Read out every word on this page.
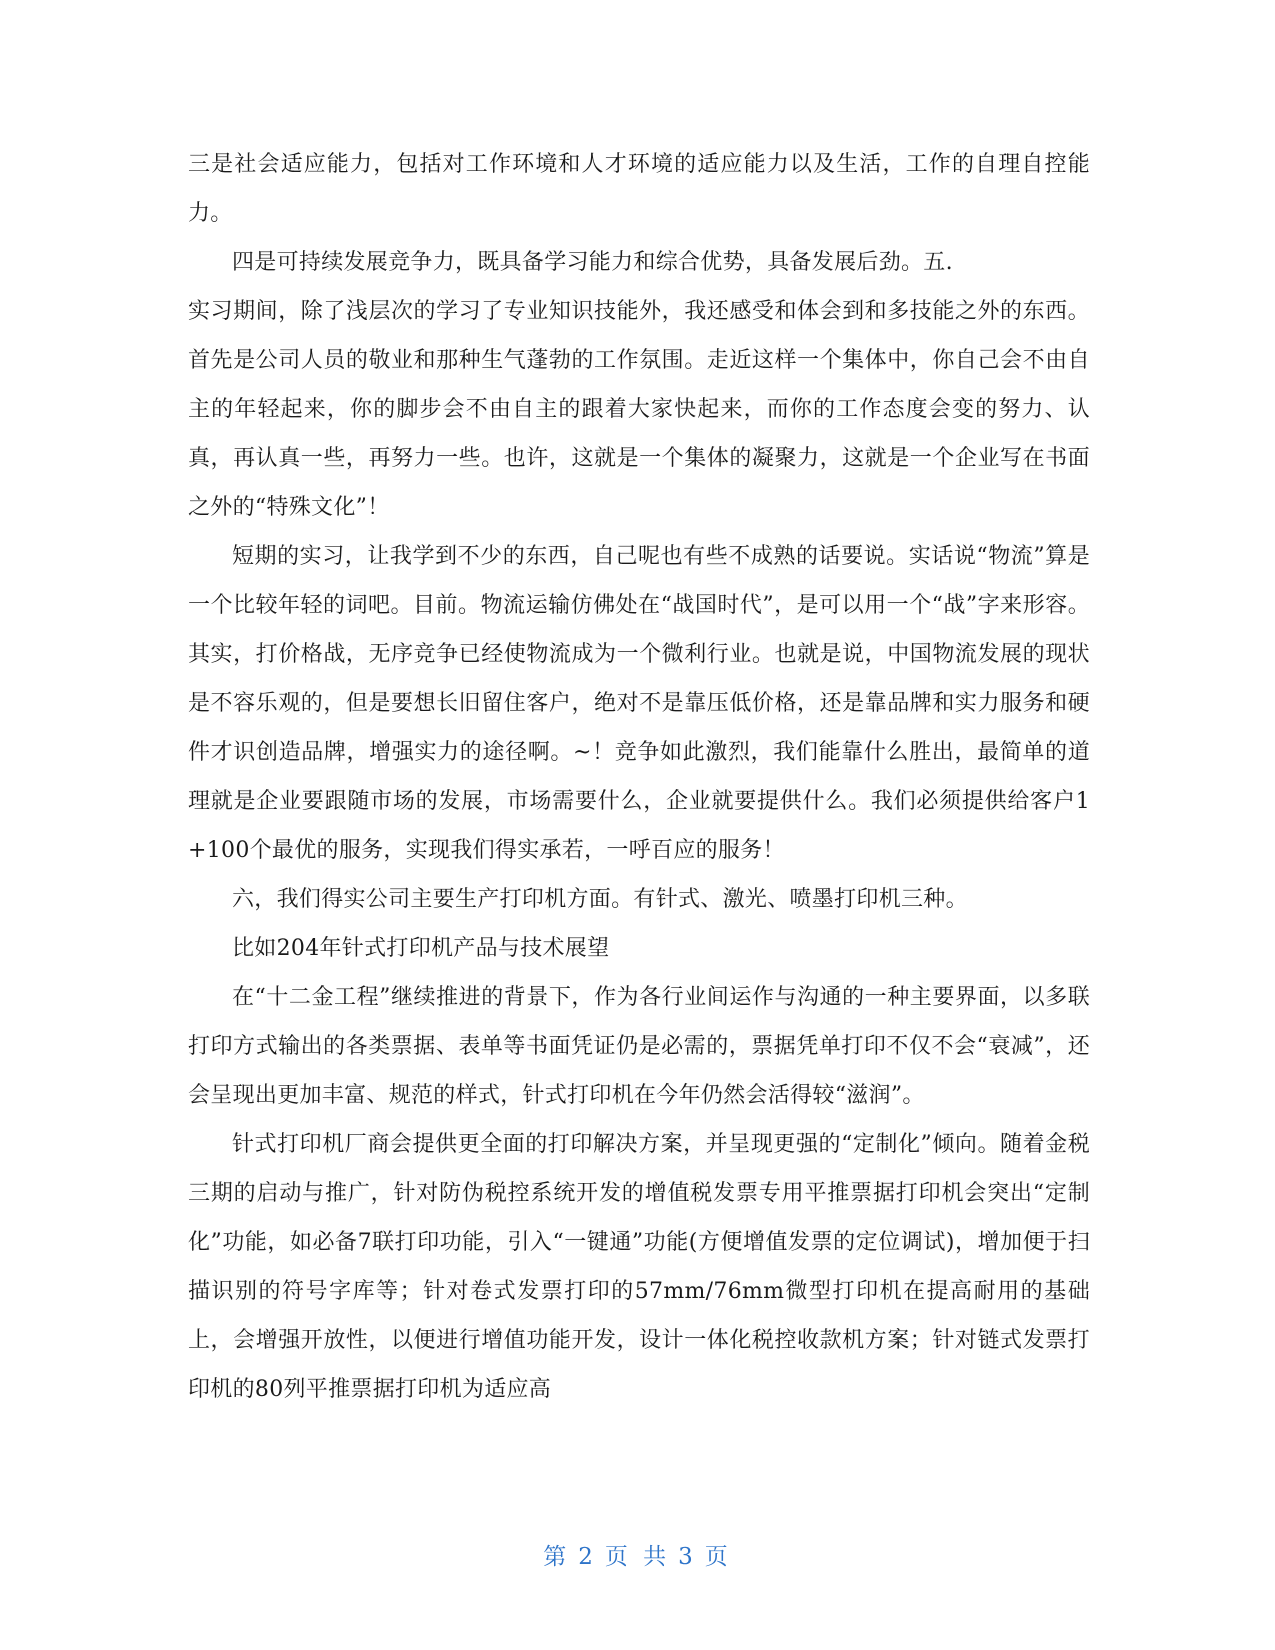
三是社会适应能力，包括对工作环境和人才环境的适应能力以及生活，工作的自理自控能力。

四是可持续发展竞争力，既具备学习能力和综合优势，具备发展后劲。五.

实习期间，除了浅层次的学习了专业知识技能外，我还感受和体会到和多技能之外的东西。首先是公司人员的敬业和那种生气蓬勃的工作氛围。走近这样一个集体中，你自己会不由自主的年轻起来，你的脚步会不由自主的跟着大家快起来，而你的工作态度会变的努力、认真，再认真一些，再努力一些。也许，这就是一个集体的凝聚力，这就是一个企业写在书面之外的“特殊文化”！

短期的实习，让我学到不少的东西，自己呢也有些不成熟的话要说。实话说“物流”算是一个比较年轻的词吧。目前。物流运输仿佛处在“战国时代”，是可以用一个“战”字来形容。其实，打价格战，无序竞争已经使物流成为一个微利行业。也就是说，中国物流发展的现状是不容乐观的，但是要想长旧留住客户，绝对不是靠压低价格，还是靠品牌和实力服务和硬件才识创造品牌，增强实力的途径啊。~！竞争如此激烈，我们能靠什么胜出，最简单的道理就是企业要跟随市场的发展，市场需要什么，企业就要提供什么。我们必须提供给客户1+100个最优的服务，实现我们得实承若，一呼百应的服务！

六，我们得实公司主要生产打印机方面。有针式、激光、喷墨打印机三种。

比如204年针式打印机产品与技术展望

在“十二金工程”继续推进的背景下，作为各行业间运作与沟通的一种主要界面，以多联打印方式输出的各类票据、表单等书面凭证仍是必需的，票据凭单打印不仅不会“衰减”，还会呈现出更加丰富、规范的样式，针式打印机在今年仍然会活得较“滋润”。

针式打印机厂商会提供更全面的打印解决方案，并呈现更强的“定制化”倾向。随着金税三期的启动与推广，针对防伪税控系统开发的增值税发票专用平推票据打印机会突出“定制化”功能，如必备7联打印功能，引入“一键通”功能(方便增值发票的定位调试)，增加便于扫描识别的符号字库等；针对卷式发票打印的57mm/76mm微型打印机在提高耐用的基础上，会增强开放性，以便进行增值功能开发，设计一体化税控收款机方案；针对链式发票打印机的80列平推票据打印机为适应高

第 2 页 共 3 页
